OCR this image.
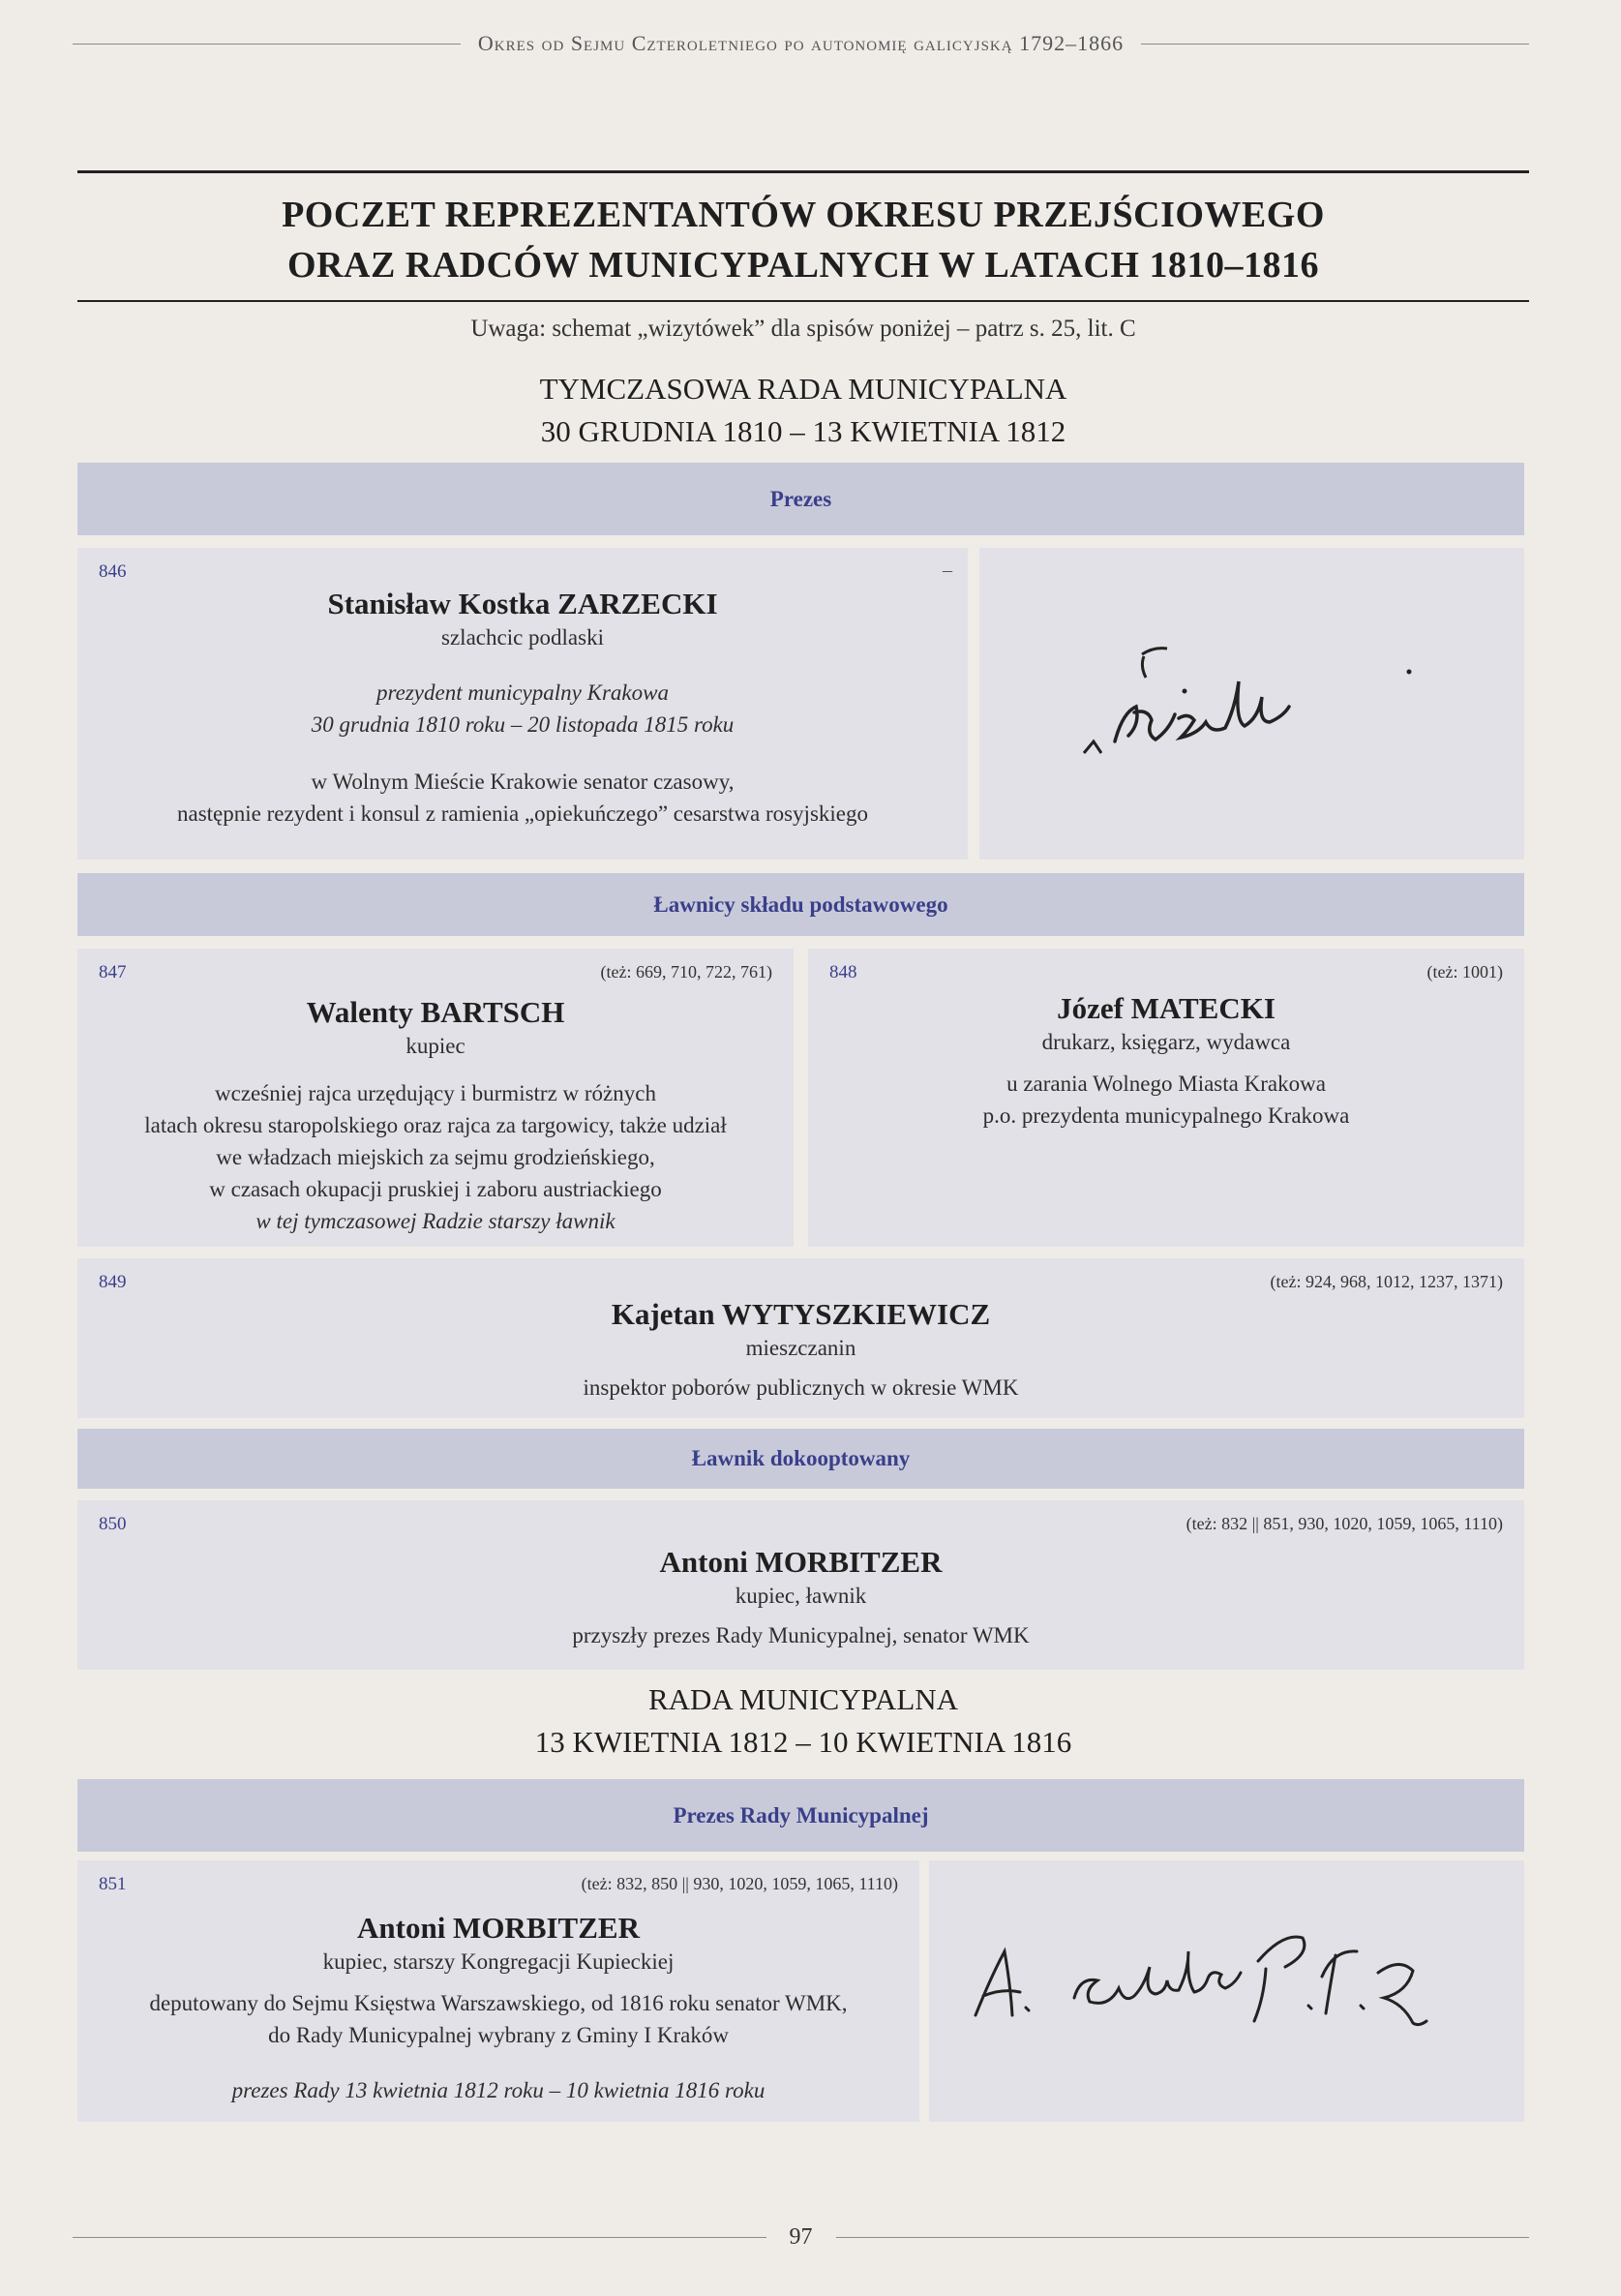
Okres od Sejmu Czteroletniego po autonomię galicyjską 1792–1866
POCZET REPREZENTANTÓW OKRESU PRZEJŚCIOWEGO
ORAZ RADCÓW MUNICYPALNYCH W LATACH 1810–1816
Uwaga: schemat „wizytówek” dla spisów poniżej – patrz s. 25, lit. C
TYMCZASOWA RADA MUNICYPALNA
30 GRUDNIA 1810 – 13 KWIETNIA 1812
Prezes
846	–
Stanisław Kostka ZARZECKI
szlachcic podlaski
prezydent municypalny Krakowa
30 grudnia 1810 roku – 20 listopada 1815 roku
w Wolnym Mieście Krakowie senator czasowy,
następnie rezydent i konsul z ramienia „opiekuńczego” cesarstwa rosyjskiego
Ławnicy składu podstawowego
847	(też: 669, 710, 722, 761)
Walenty BARTSCH
kupiec
wcześniej rajca urzędujący i burmistrz w różnych
latach okresu staropolskiego oraz rajca za targowicy, także udział
we władzach miejskich za sejmu grodzieńskiego,
w czasach okupacji pruskiej i zaboru austriackiego
w tej tymczasowej Radzie starszy ławnik
848	(też: 1001)
Józef MATECKI
drukarz, księgarz, wydawca
u zarania Wolnego Miasta Krakowa
p.o. prezydenta municypalnego Krakowa
849	(też: 924, 968, 1012, 1237, 1371)
Kajetan WYTYSZKIEWICZ
mieszczanin
inspektor poborów publicznych w okresie WMK
Ławnik dokooptowany
850	(też: 832 || 851, 930, 1020, 1059, 1065, 1110)
Antoni MORBITZER
kupiec, ławnik
przyszły prezes Rady Municypalnej, senator WMK
RADA MUNICYPALNA
13 KWIETNIA 1812 – 10 KWIETNIA 1816
Prezes Rady Municypalnej
851	(też: 832, 850 || 930, 1020, 1059, 1065, 1110)
Antoni MORBITZER
kupiec, starszy Kongregacji Kupieckiej
deputowany do Sejmu Księstwa Warszawskiego, od 1816 roku senator WMK,
do Rady Municypalnej wybrany z Gminy I Kraków
prezes Rady 13 kwietnia 1812 roku – 10 kwietnia 1816 roku
97
